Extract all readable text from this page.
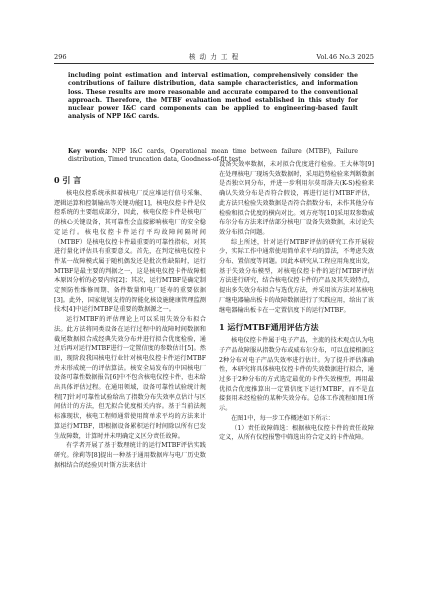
296	核 动 力 工 程	Vol.46 No.3 2025
including point estimation and interval estimation, comprehensively consider the contributions of failure distribution, data sample characteristics, and information loss. These results are more reasonable and accurate compared to the conventional approach. Therefore, the MTBF evaluation method established in this study for nuclear power I&C card components can be applied to engineering-based fault analysis of NPP I&C cards.
Key words: NPP I&C cards, Operational mean time between failure (MTBF), Failure distribution, Timed truncation data, Goodness-of-fit test
0 引 言

核电仪控系统承担着核电厂反应堆运行信号采集、逻辑运算和控制输出等关键功能[1]，核电仪控卡件是仪控系统的主要组成部分，因此，核电仪控卡件是核电厂的核心关键设备，其可靠性会直接影响核电厂的安全稳定运行。核电仪控卡件运行平均故障间隔时间（MTBF）是核电仪控卡件最重要的可靠性指标，对其进行量化评估具有重要意义。首先，在判定核电仪控卡件某一故障模式属于随机偶发还是批次性缺陷时，运行MTBF是最主要的判据之一，这是核电仪控卡件故障根本原因分析的必要内容[2]；其次，运行MTBF是确定制定预防性维修周期、备件数量和电厂延寿的重要依据[3]。此外，国家规划支持的智能化核设施健康管理监测技术[4]中运行MTBF是重要的数据源之一。

运行MTBF的评估理论上可以采用失效分布拟合法。此方法将同类设备在运行过程中的故障时间数据和截尾数据拟合成经典失效分布并进行拟合优度检验，通过后再对运行MTBF进行一定置信度的参数估计[5]。然而，现阶段我国核电行业针对核电仪控卡件运行MTBF并未形成统一的评估算法。核安全局发布的中国核电厂设备可靠性数据报告[6]中不包含核电仪控卡件，也未给出具体评估过程。在通用领域，设备可靠性试验统计规程[7]针对可靠性试验给出了指数分布失效率点估计与区间估计的方法，但无拟合优度相关内容。基于当前法规标准现状，核电工程师通常使用简单求平均的方法来计算运行MTBF，即根据设备累积运行时间除以所有已发生故障数，计算时并未明确定义区分责任故障。

有学者开展了基于数理统计的运行MTBF评估实践研究。徐莉等[8]提出一种基于通用数据库与电厂历史数据相结合的经验贝叶斯方法来估计

设备失效率数据，未对拟合优度进行检验。王大林等[9]在处理核电厂现场失效数据时，采用趋势检验来判断数据是否独立同分布，并进一步利用尔莫哥洛夫(K-S)检验来确认失效分布是否符合假设，再进行运行MTBF评估，此方法只检验失效数据是否符合指数分布，未作其他分布检验和拟合优度的横向对比。刘方亮等[10]采用双参数威布尔分布方法来评估部分核电厂设备失效数据，未讨论失效分布拟合问题。

综上所述，针对运行MTBF评估的研究工作开展较少，实际工作中通常使用简单求平均的算法，不考虑失效分布、置信度等问题。因此本研究从工程应用角度出发，基于失效分布模型，对核电仪控卡件的运行MTBF评估方法进行研究，结合核电仪控卡件的产品及其失效特点，提出多失效分布拟合与选优方法，并采用该方法对某核电厂继电器输出板卡的故障数据进行了实践应用，给出了该继电器输出板卡在一定置信度下的运行MTBF。

1 运行MTBF通用评估方法

核电仪控卡件属于电子产品，主流的技术观点认为电子产品故障服从指数分布或威布尔分布，可以直接根据这2种分布对电子产品失效率进行估计。为了提升评估准确性，本研究将具体核电仪控卡件的失效数据进行拟合，通过多于2种分布的方式选定最优的卡件失效模型，再用最优拟合优度推算出一定置信度下运行MTBF，而不是直接套用未经检验的某种失效分布。总体工作流程如图1所示。

在图1中，每一步工作概述如下所示：

（1）责任故障筛选：根据核电仪控卡件的责任故障定义，从所有仪控报警中筛选出符合定义的卡件故障。
